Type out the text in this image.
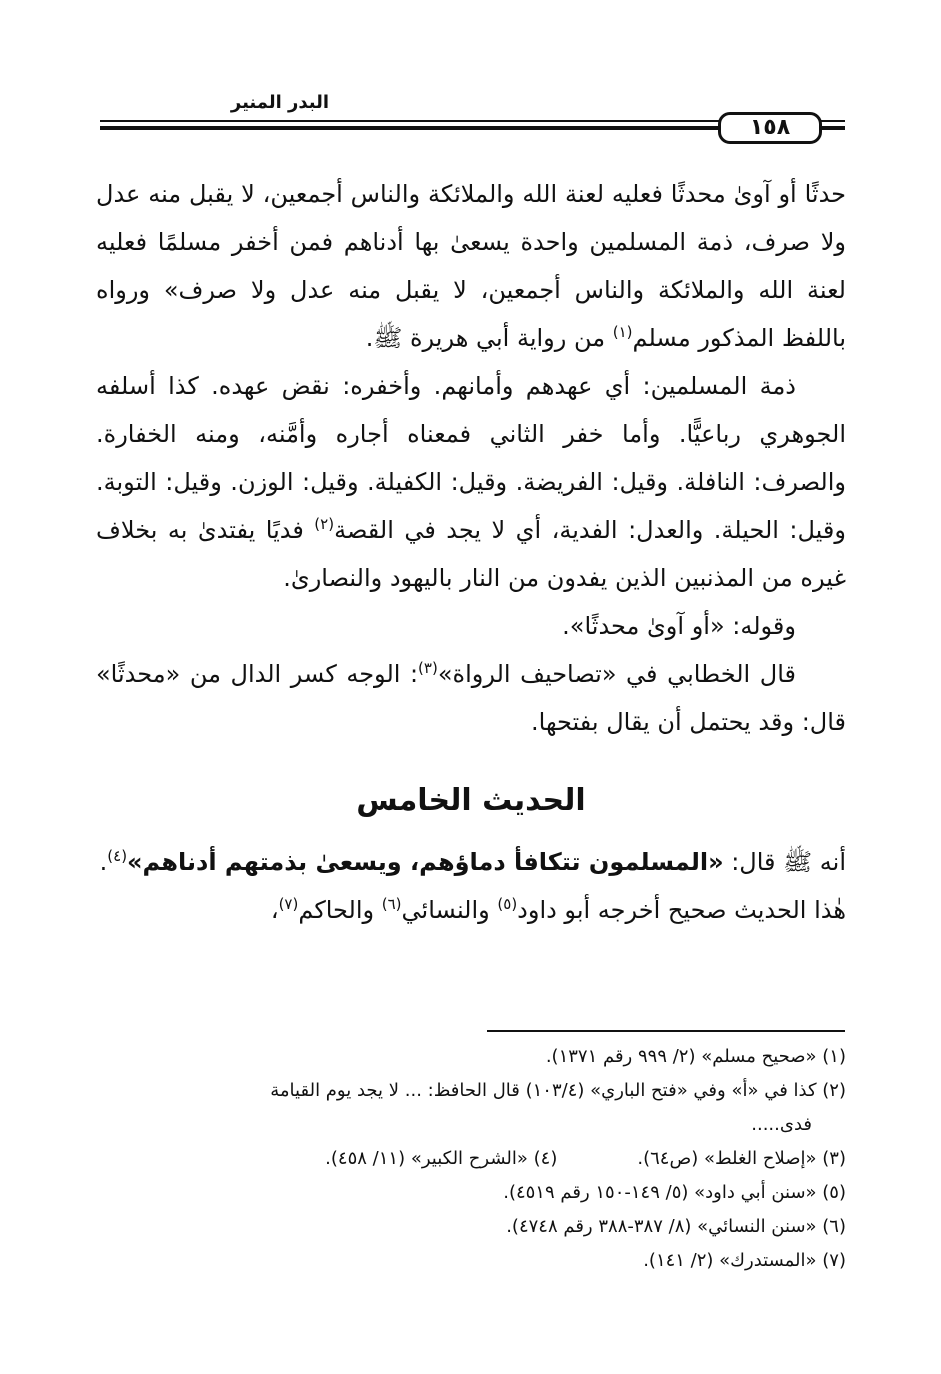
البدر المنير
١٥٨

حدثًا أو آوىٰ محدثًا فعليه لعنة الله والملائكة والناس أجمعين، لا يقبل منه عدل ولا صرف، ذمة المسلمين واحدة يسعىٰ بها أدناهم فمن أخفر مسلمًا فعليه لعنة الله والملائكة والناس أجمعين، لا يقبل منه عدل ولا صرف» ورواه باللفظ المذكور مسلم$^{(١)}$ من رواية أبي هريرة ﷺ.

ذمة المسلمين: أي عهدهم وأمانهم. وأخفره: نقض عهده. كذا أسلفه الجوهري رباعيًّا. وأما خفر الثاني فمعناه أجاره وأمَّنه، ومنه الخفارة. والصرف: النافلة. وقيل: الفريضة. وقيل: الكفيلة. وقيل: الوزن. وقيل: التوبة. وقيل: الحيلة. والعدل: الفدية، أي لا يجد في القصة$^{(٢)}$ فديًا يفتدىٰ به بخلاف غيره من المذنبين الذين يفدون من النار باليهود والنصارىٰ.

وقوله: «أو آوىٰ محدثًا».

قال الخطابي في «تصاحيف الرواة»$^{(٣)}$: الوجه كسر الدال من «محدثًا» قال: وقد يحتمل أن يقال بفتحها.

الحديث الخامس

أنه ﷺ قال: «المسلمون تتكافأ دماؤهم، ويسعىٰ بذمتهم أدناهم»$^{(٤)}$.

هٰذا الحديث صحيح أخرجه أبو داود$^{(٥)}$ والنسائي$^{(٦)}$ والحاكم$^{(٧)}$،

(١) «صحيح مسلم» (٢/ ٩٩٩ رقم ١٣٧١).

(٢) كذا في «أ» وفي «فتح الباري» (١٠٣/٤) قال الحافظ: ... لا يجد يوم القيامة

فدى.....

(٣) «إصلاح الغلط» (ص٦٤).

(٤) «الشرح الكبير» (١١/ ٤٥٨).

(٥) «سنن أبي داود» (٥/ ١٤٩-١٥٠ رقم ٤٥١٩).

(٦) «سنن النسائي» (٨/ ٣٨٧-٣٨٨ رقم ٤٧٤٨).

(٧) «المستدرك» (٢/ ١٤١).
